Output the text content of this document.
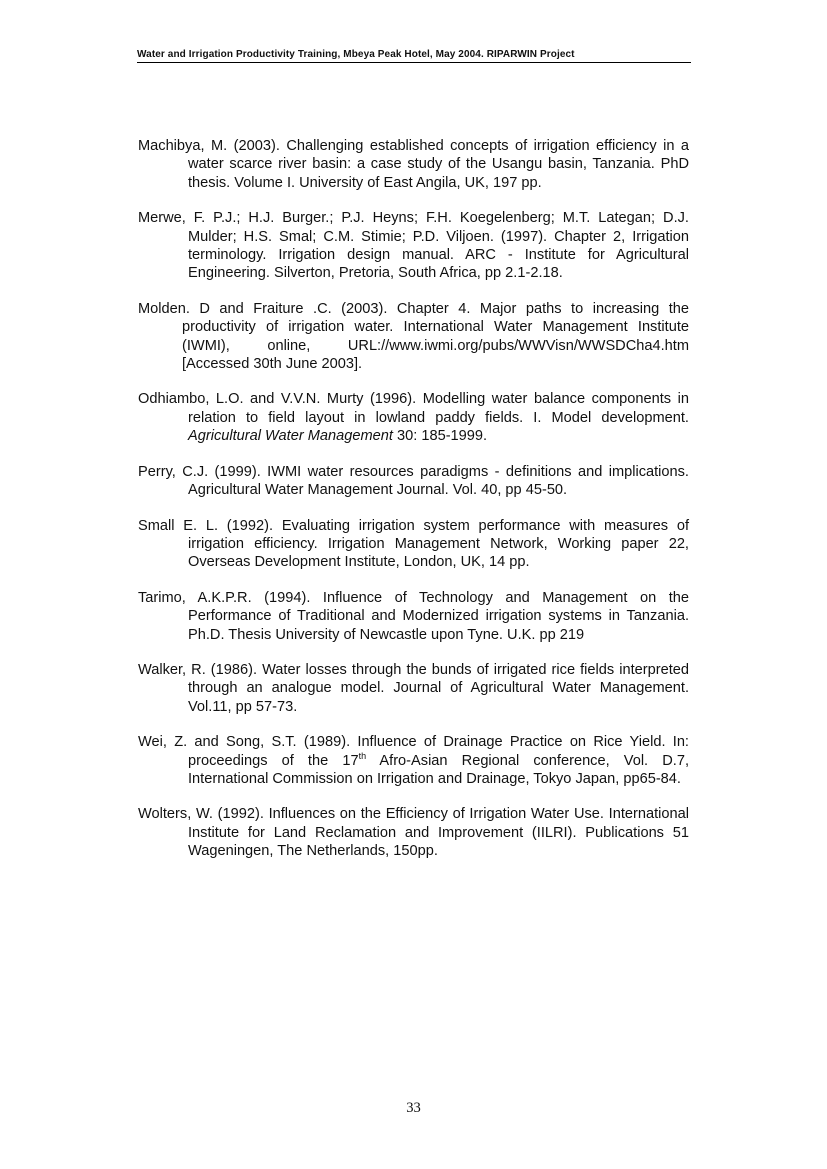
Water and Irrigation Productivity Training, Mbeya Peak Hotel, May 2004. RIPARWIN Project

Machibya, M. (2003). Challenging established concepts of irrigation efficiency in a water scarce river basin: a case study of the Usangu basin, Tanzania. PhD thesis. Volume I. University of East Angila, UK, 197 pp.

Merwe, F. P.J.; H.J. Burger.; P.J. Heyns; F.H. Koegelenberg; M.T. Lategan; D.J. Mulder; H.S. Smal; C.M. Stimie; P.D. Viljoen. (1997). Chapter 2, Irrigation terminology. Irrigation design manual. ARC - Institute for Agricultural Engineering. Silverton, Pretoria, South Africa, pp 2.1-2.18.

Molden. D and Fraiture .C. (2003). Chapter 4. Major paths to increasing the productivity of irrigation water. International Water Management Institute (IWMI), online,	URL://www.iwmi.org/pubs/WWVisn/WWSDCha4.htm [Accessed 30th June 2003].

Odhiambo, L.O. and V.V.N. Murty (1996). Modelling water balance components in relation to field layout in lowland paddy fields. I. Model development. Agricultural Water Management 30: 185-1999.

Perry, C.J. (1999). IWMI water resources paradigms - definitions and implications. Agricultural Water Management Journal. Vol. 40, pp 45-50.

Small E. L. (1992). Evaluating irrigation system performance with measures of irrigation efficiency. Irrigation Management Network, Working paper 22, Overseas Development Institute, London, UK, 14 pp.

Tarimo, A.K.P.R. (1994). Influence of Technology and Management on the Performance of Traditional and Modernized irrigation systems in Tanzania. Ph.D. Thesis University of Newcastle upon Tyne. U.K. pp 219

Walker, R. (1986). Water losses through the bunds of irrigated rice fields interpreted through an analogue model. Journal of Agricultural Water Management. Vol.11, pp 57-73.

Wei, Z. and Song, S.T. (1989). Influence of Drainage Practice on Rice Yield. In: proceedings of the 17th Afro-Asian Regional conference, Vol. D.7, International Commission on Irrigation and Drainage, Tokyo Japan, pp65-84.

Wolters, W. (1992). Influences on the Efficiency of Irrigation Water Use. International Institute for Land Reclamation and Improvement (IILRI). Publications 51 Wageningen, The Netherlands, 150pp.

33
